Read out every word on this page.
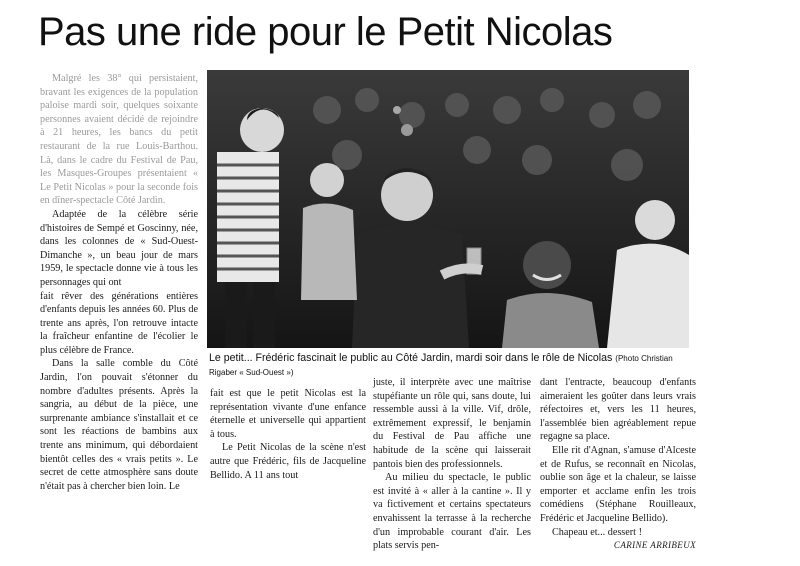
Pas une ride pour le Petit Nicolas

Malgré les 38° qui persistaient, bravant les exigences de la population paloise mardi soir, quelques soixante personnes avaient décidé de rejoindre à 21 heures, les bancs du petit restaurant de la rue Louis-Barthou. Là, dans le cadre du Festival de Pau, les Masques-Groupes présentaient « Le Petit Nicolas » pour la seconde fois en dîner-spectacle Côté Jardin.

Adaptée de la célèbre série d'histoires de Sempé et Goscinny, née, dans les colonnes de « Sud-Ouest-Dimanche », un beau jour de mars 1959, le spectacle donne vie à tous les personnages qui ont

fait rêver des générations entières d'enfants depuis les années 60. Plus de trente ans après, l'on retrouve intacte la fraîcheur enfantine de l'écolier le plus célèbre de France.

Dans la salle comble du Côté Jardin, l'on pouvait s'étonner du nombre d'adultes présents. Après la sangria, au début de la pièce, une surprenante ambiance s'installait et ce sont les réactions de bambins aux trente ans minimum, qui débordaient bientôt celles des « vrais petits ». Le secret de cette atmosphère sans doute n'était pas à chercher bien loin. Le

Le petit... Frédéric fascinait le public au Côté Jardin, mardi soir dans le rôle de Nicolas (Photo Christian Rigaber « Sud-Ouest »)

fait est que le petit Nicolas est la représentation vivante d'une enfance éternelle et universelle qui appartient à tous.

Le Petit Nicolas de la scène n'est autre que Frédéric, fils de Jacqueline Bellido. A 11 ans tout

juste, il interprète avec une maîtrise stupéfiante un rôle qui, sans doute, lui ressemble aussi à la ville. Vif, drôle, extrêmement expressif, le benjamin du Festival de Pau affiche une habitude de la scène qui laisserait pantois bien des professionnels.

Au milieu du spectacle, le public est invité à « aller à la cantine ». Il y va fictivement et certains spectateurs envahissent la terrasse à la recherche d'un improbable courant d'air. Les plats servis pen-

dant l'entracte, beaucoup d'enfants aimeraient les goûter dans leurs vrais réfectoires et, vers les 11 heures, l'assemblée bien agréablement repue regagne sa place.

Elle rit d'Agnan, s'amuse d'Alceste et de Rufus, se reconnaît en Nicolas, oublie son âge et la chaleur, se laisse emporter et acclame enfin les trois comédiens (Stéphane Rouilleaux, Frédéric et Jacqueline Bellido).

Chapeau et... dessert !
CARINE ARRIBEUX
